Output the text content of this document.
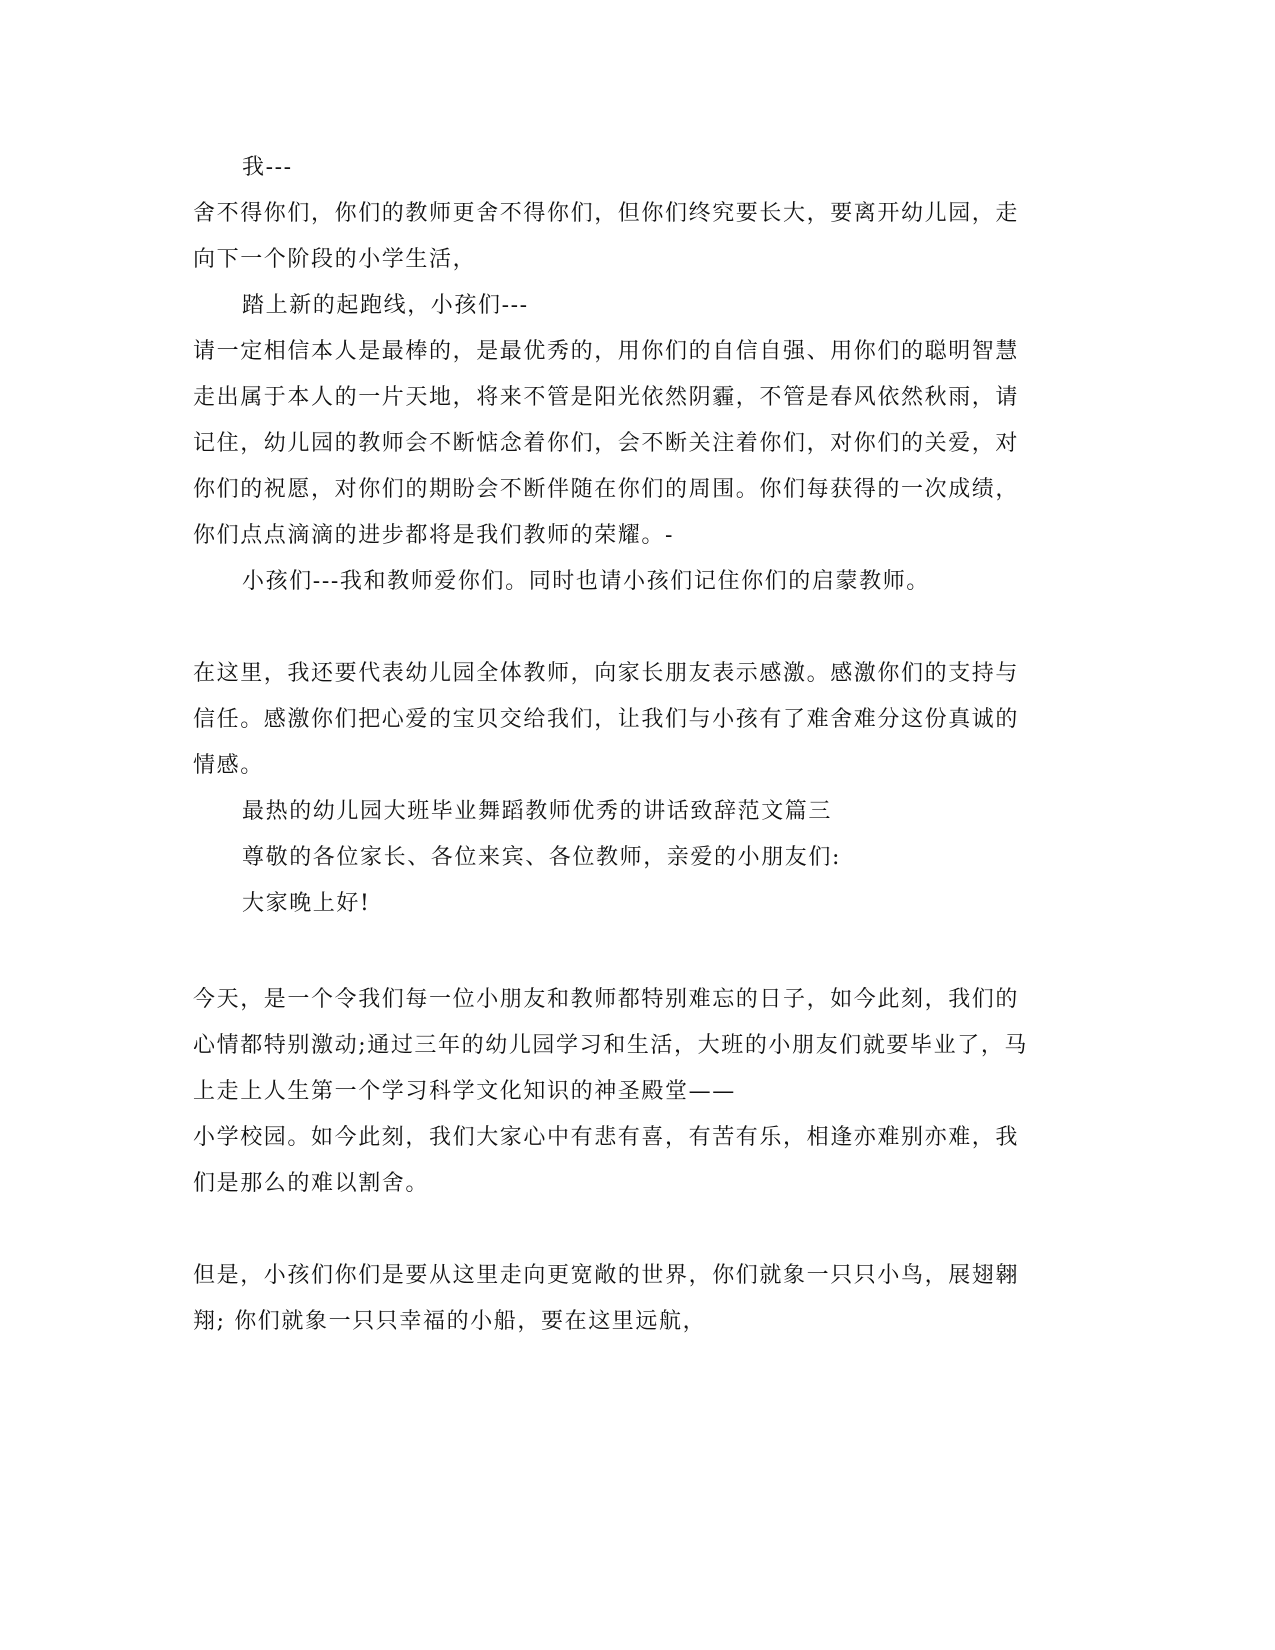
我---
舍不得你们，你们的教师更舍不得你们，但你们终究要长大，要离开幼儿园，走
向下一个阶段的小学生活，
踏上新的起跑线，小孩们---
请一定相信本人是最棒的，是最优秀的，用你们的自信自强、用你们的聪明智慧
走出属于本人的一片天地，将来不管是阳光依然阴霾，不管是春风依然秋雨，请
记住，幼儿园的教师会不断惦念着你们，会不断关注着你们，对你们的关爱，对
你们的祝愿，对你们的期盼会不断伴随在你们的周围。你们每获得的一次成绩，
你们点点滴滴的进步都将是我们教师的荣耀。-
小孩们---我和教师爱你们。同时也请小孩们记住你们的启蒙教师。
在这里，我还要代表幼儿园全体教师，向家长朋友表示感激。感激你们的支持与
信任。感激你们把心爱的宝贝交给我们，让我们与小孩有了难舍难分这份真诚的
情感。
最热的幼儿园大班毕业舞蹈教师优秀的讲话致辞范文篇三
尊敬的各位家长、各位来宾、各位教师，亲爱的小朋友们:
大家晚上好!
今天，是一个令我们每一位小朋友和教师都特别难忘的日子，如今此刻，我们的
心情都特别激动;通过三年的幼儿园学习和生活，大班的小朋友们就要毕业了，马
上走上人生第一个学习科学文化知识的神圣殿堂——
小学校园。如今此刻，我们大家心中有悲有喜，有苦有乐，相逢亦难别亦难，我
们是那么的难以割舍。
但是，小孩们你们是要从这里走向更宽敞的世界，你们就象一只只小鸟，展翅翱
翔; 你们就象一只只幸福的小船，要在这里远航，
